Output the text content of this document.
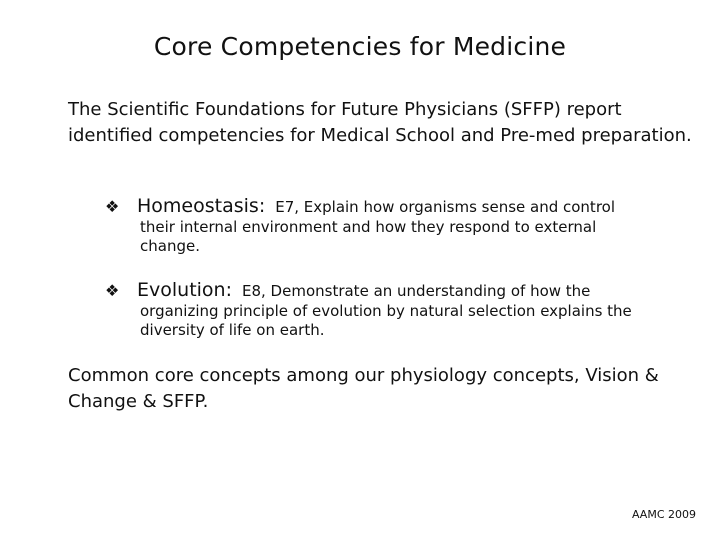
Core Competencies for Medicine
The Scientific Foundations for Future Physicians (SFFP) report identified competencies for Medical School and Pre-med preparation.
❖ Homeostasis : E7, Explain how organisms sense and control
their internal environment and how they respond to external change.
❖ Evolution : E8, Demonstrate an understanding of how the
organizing principle of evolution by natural selection explains the diversity of life on earth.
Common core concepts among our physiology concepts, Vision & Change & SFFP.
AAMC 2009
